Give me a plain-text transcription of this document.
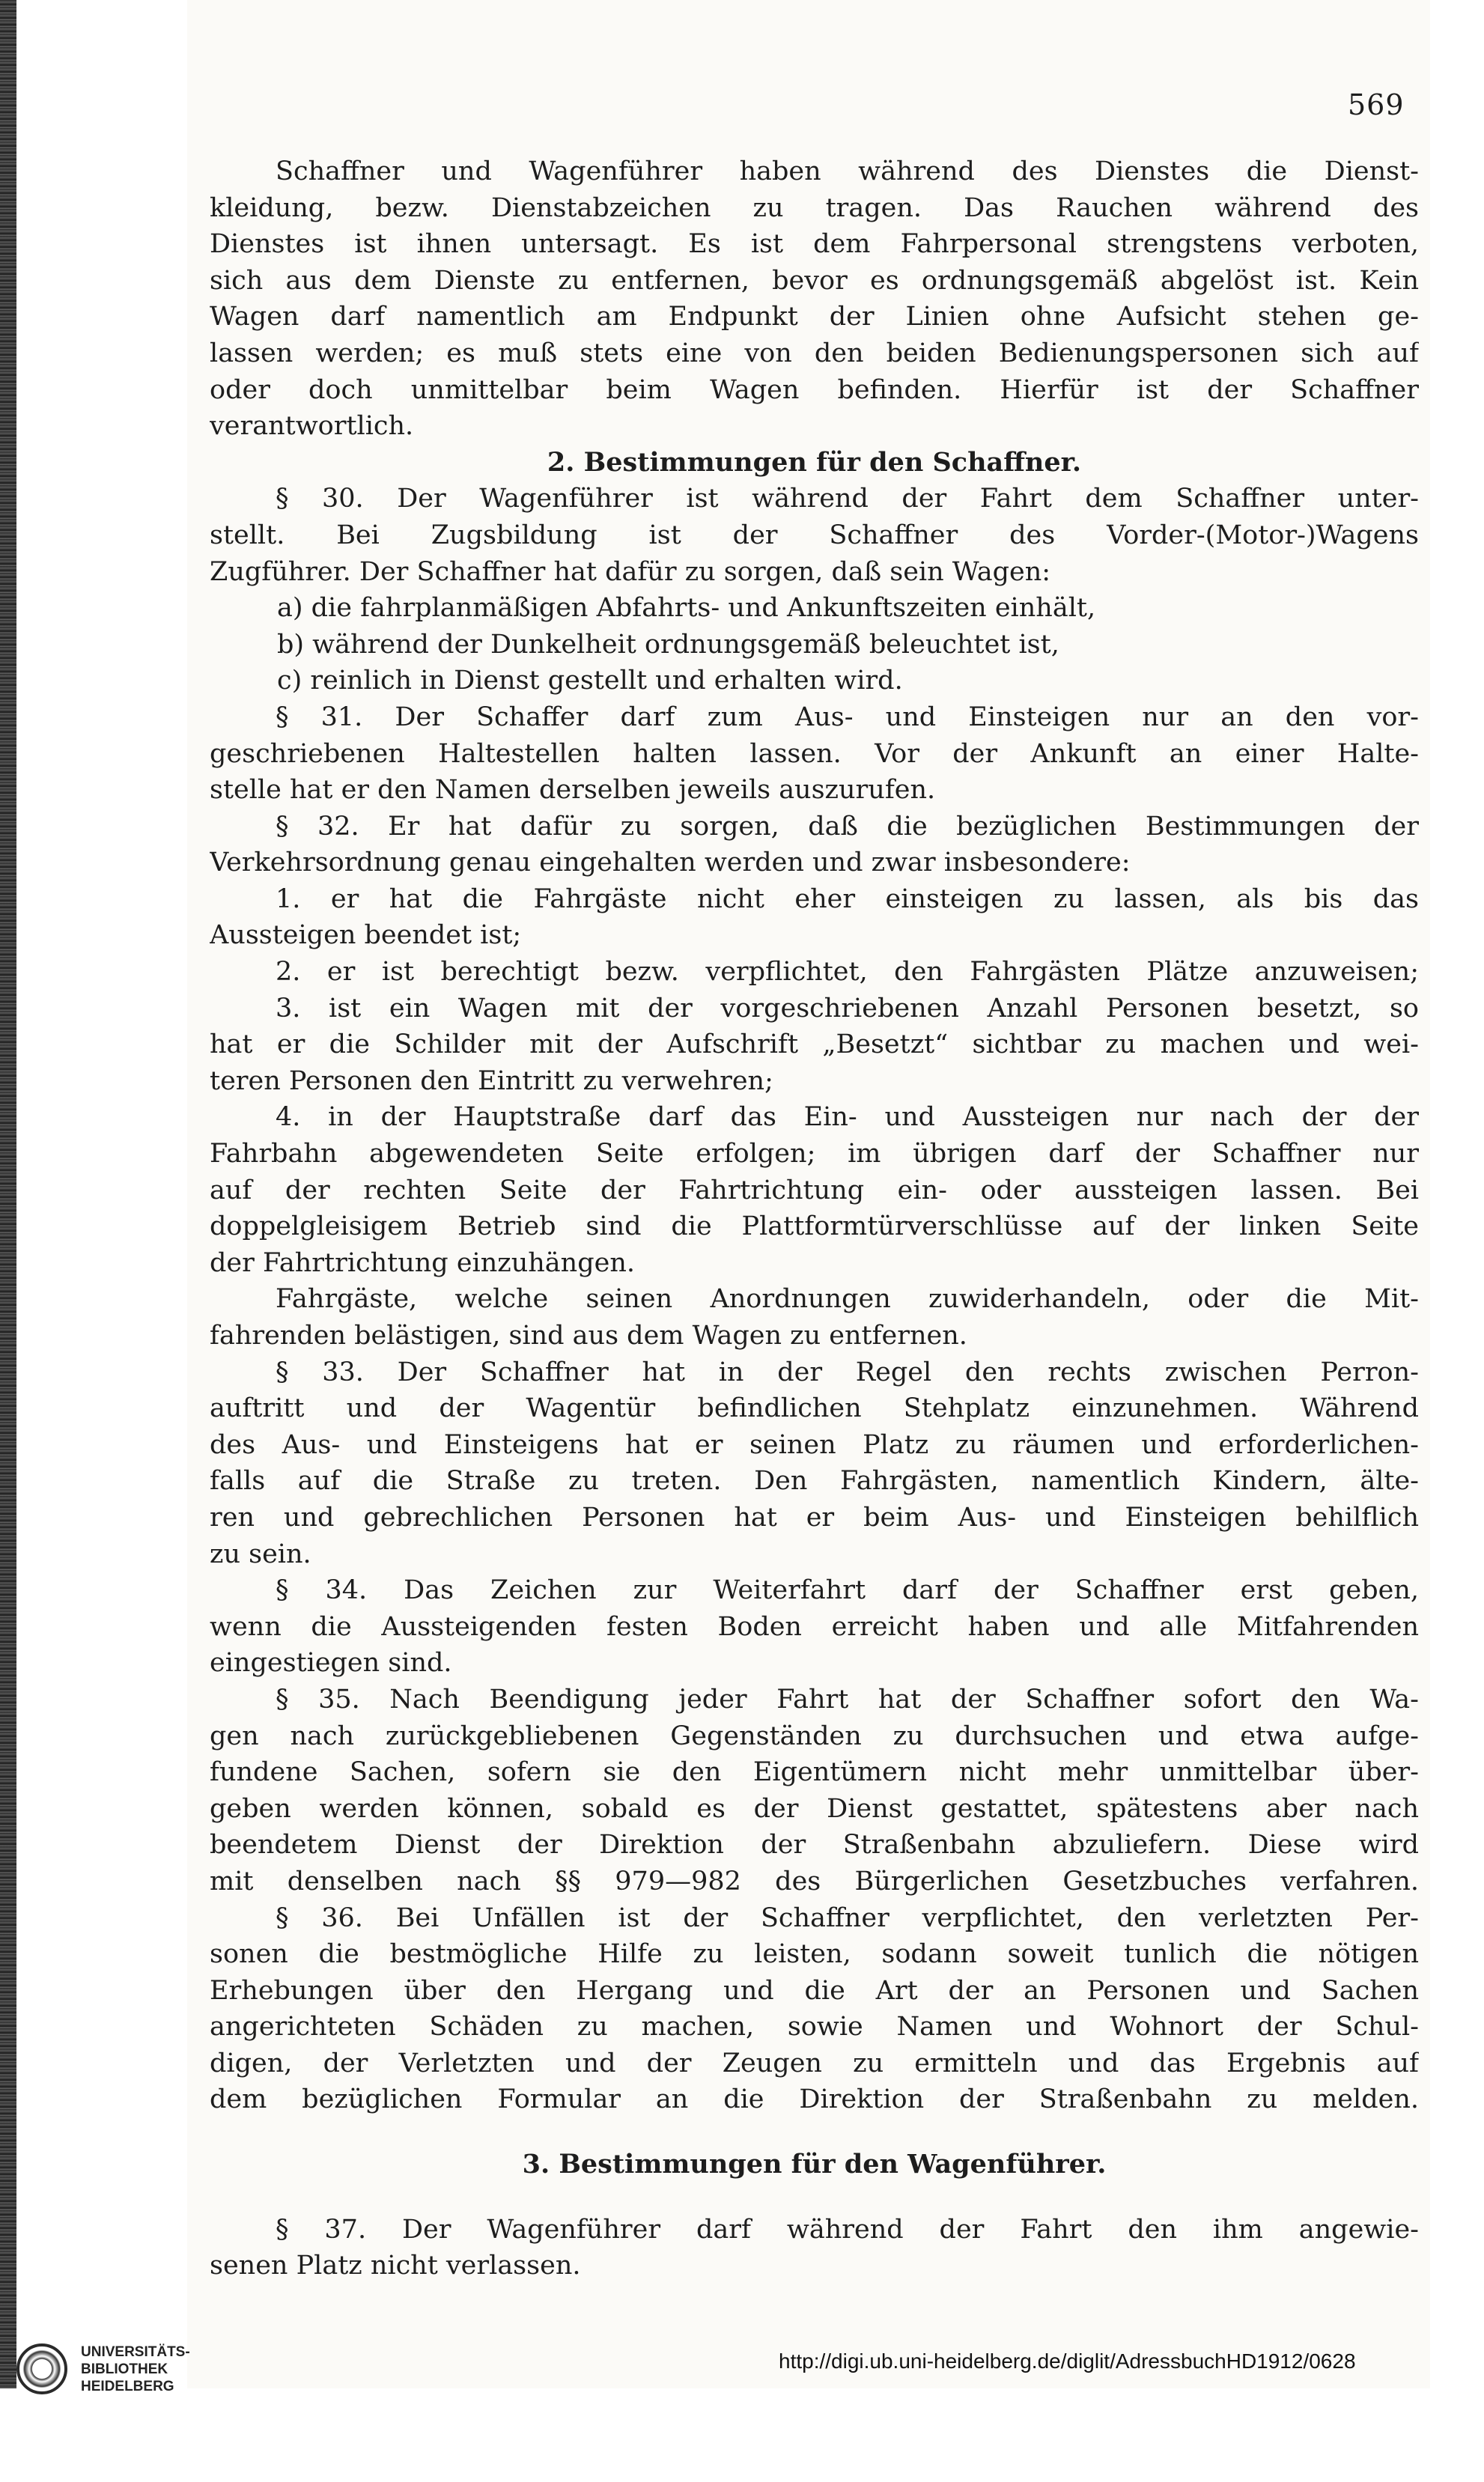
569
Schaffner und Wagenführer haben während des Dienstes die Dienst-
kleidung, bezw. Dienstabzeichen zu tragen. Das Rauchen während des
Dienstes ist ihnen untersagt. Es ist dem Fahrpersonal strengstens verboten,
sich aus dem Dienste zu entfernen, bevor es ordnungsgemäß abgelöst ist. Kein
Wagen darf namentlich am Endpunkt der Linien ohne Aufsicht stehen ge-
lassen werden; es muß stets eine von den beiden Bedienungspersonen sich auf
oder doch unmittelbar beim Wagen befinden. Hierfür ist der Schaffner
verantwortlich.
2. Bestimmungen für den Schaffner.
§ 30. Der Wagenführer ist während der Fahrt dem Schaffner unter-
stellt. Bei Zugsbildung ist der Schaffner des Vorder-(Motor-)Wagens
Zugführer. Der Schaffner hat dafür zu sorgen, daß sein Wagen:
a) die fahrplanmäßigen Abfahrts- und Ankunftszeiten einhält,
b) während der Dunkelheit ordnungsgemäß beleuchtet ist,
c) reinlich in Dienst gestellt und erhalten wird.
§ 31. Der Schaffer darf zum Aus- und Einsteigen nur an den vor-
geschriebenen Haltestellen halten lassen. Vor der Ankunft an einer Halte-
stelle hat er den Namen derselben jeweils auszurufen.
§ 32. Er hat dafür zu sorgen, daß die bezüglichen Bestimmungen der
Verkehrsordnung genau eingehalten werden und zwar insbesondere:
1. er hat die Fahrgäste nicht eher einsteigen zu lassen, als bis das
Aussteigen beendet ist;
2. er ist berechtigt bezw. verpflichtet, den Fahrgästen Plätze anzuweisen;
3. ist ein Wagen mit der vorgeschriebenen Anzahl Personen besetzt, so
hat er die Schilder mit der Aufschrift „Besetzt“ sichtbar zu machen und wei-
teren Personen den Eintritt zu verwehren;
4. in der Hauptstraße darf das Ein- und Aussteigen nur nach der der
Fahrbahn abgewendeten Seite erfolgen; im übrigen darf der Schaffner nur
auf der rechten Seite der Fahrtrichtung ein- oder aussteigen lassen. Bei
doppelgleisigem Betrieb sind die Plattformtürverschlüsse auf der linken Seite
der Fahrtrichtung einzuhängen.
Fahrgäste, welche seinen Anordnungen zuwiderhandeln, oder die Mit-
fahrenden belästigen, sind aus dem Wagen zu entfernen.
§ 33. Der Schaffner hat in der Regel den rechts zwischen Perron-
auftritt und der Wagentür befindlichen Stehplatz einzunehmen. Während
des Aus- und Einsteigens hat er seinen Platz zu räumen und erforderlichen-
falls auf die Straße zu treten. Den Fahrgästen, namentlich Kindern, älte-
ren und gebrechlichen Personen hat er beim Aus- und Einsteigen behilflich
zu sein.
§ 34. Das Zeichen zur Weiterfahrt darf der Schaffner erst geben,
wenn die Aussteigenden festen Boden erreicht haben und alle Mitfahrenden
eingestiegen sind.
§ 35. Nach Beendigung jeder Fahrt hat der Schaffner sofort den Wa-
gen nach zurückgebliebenen Gegenständen zu durchsuchen und etwa aufge-
fundene Sachen, sofern sie den Eigentümern nicht mehr unmittelbar über-
geben werden können, sobald es der Dienst gestattet, spätestens aber nach
beendetem Dienst der Direktion der Straßenbahn abzuliefern. Diese wird
mit denselben nach §§ 979—982 des Bürgerlichen Gesetzbuches verfahren.
§ 36. Bei Unfällen ist der Schaffner verpflichtet, den verletzten Per-
sonen die bestmögliche Hilfe zu leisten, sodann soweit tunlich die nötigen
Erhebungen über den Hergang und die Art der an Personen und Sachen
angerichteten Schäden zu machen, sowie Namen und Wohnort der Schul-
digen, der Verletzten und der Zeugen zu ermitteln und das Ergebnis auf
dem bezüglichen Formular an die Direktion der Straßenbahn zu melden.
3. Bestimmungen für den Wagenführer.
§ 37. Der Wagenführer darf während der Fahrt den ihm angewie-
senen Platz nicht verlassen.
UNIVERSITÄTS-
BIBLIOTHEK
HEIDELBERG
http://digi.ub.uni-heidelberg.de/diglit/AdressbuchHD1912/0628
